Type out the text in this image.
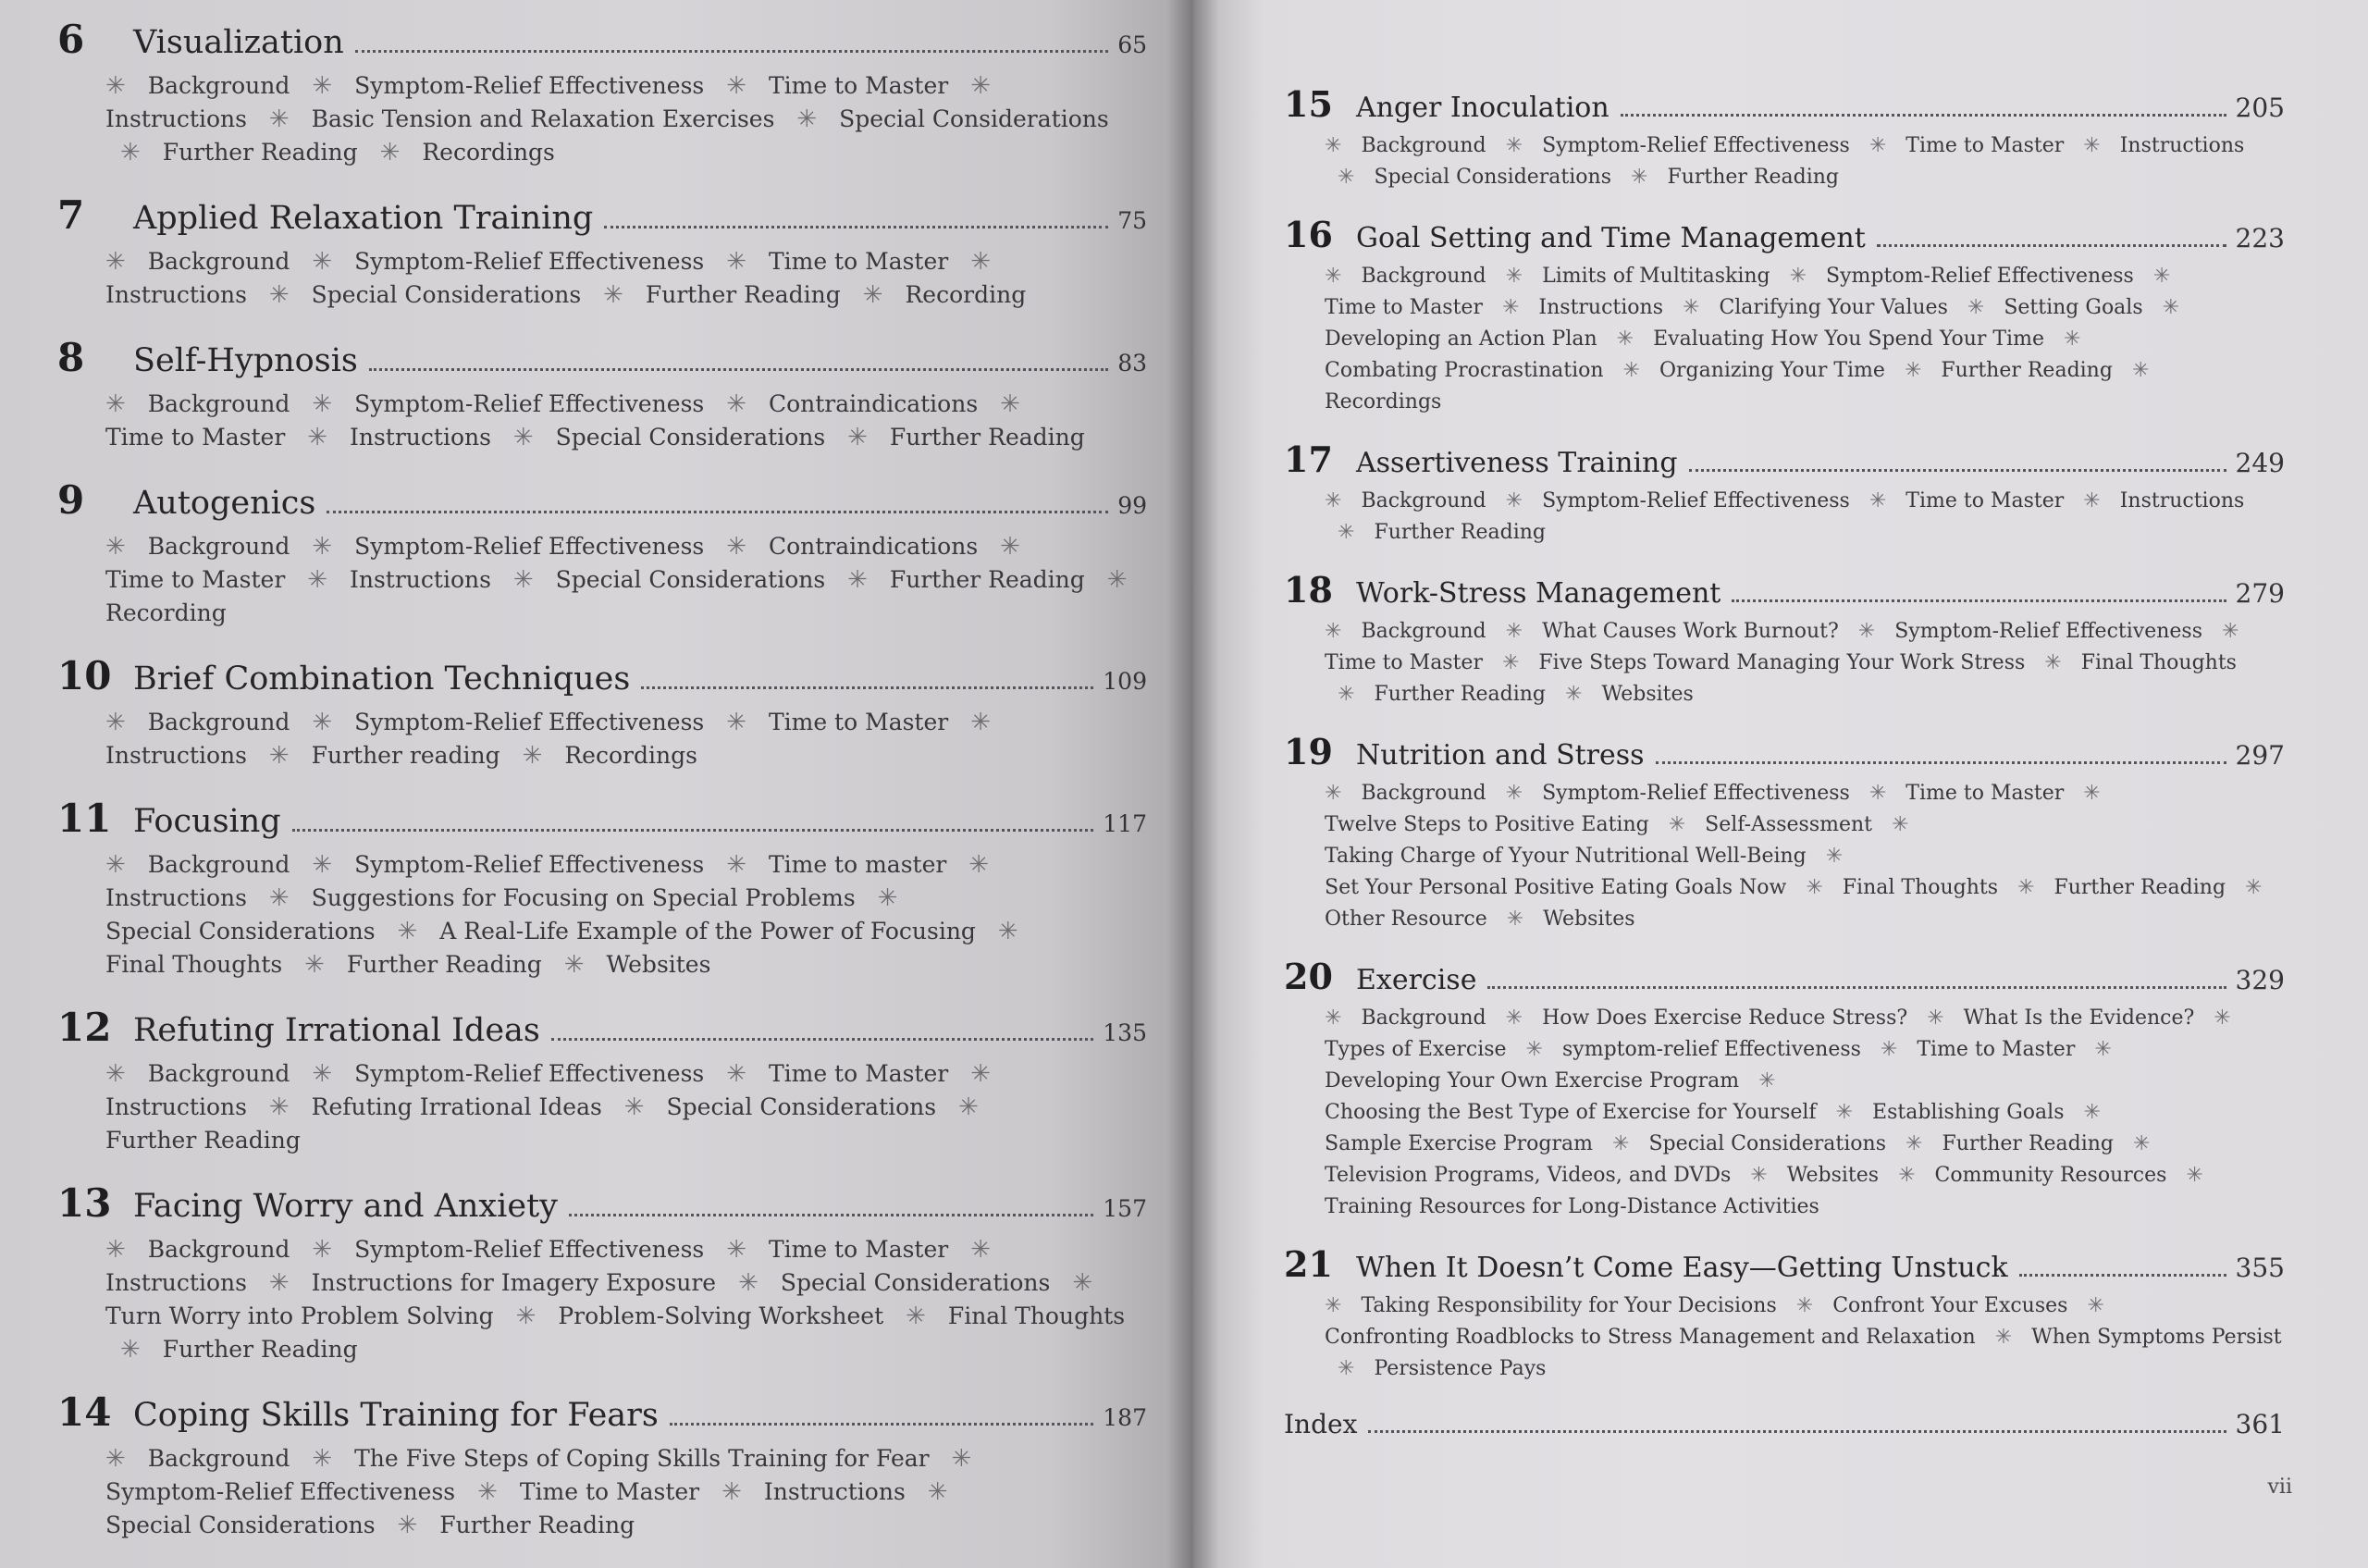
6	Visualization	65
✳ Background ✳ Symptom-Relief Effectiveness ✳ Time to Master ✳ Instructions ✳ Basic Tension and Relaxation Exercises ✳ Special Considerations ✳ Further Reading ✳ Recordings
7	Applied Relaxation Training	75
✳ Background ✳ Symptom-Relief Effectiveness ✳ Time to Master ✳ Instructions ✳ Special Considerations ✳ Further Reading ✳ Recording
8	Self-Hypnosis	83
✳ Background ✳ Symptom-Relief Effectiveness ✳ Contraindications ✳ Time to Master ✳ Instructions ✳ Special Considerations ✳ Further Reading
9	Autogenics	99
✳ Background ✳ Symptom-Relief Effectiveness ✳ Contraindications ✳ Time to Master ✳ Instructions ✳ Special Considerations ✳ Further Reading ✳ Recording
10 Brief Combination Techniques	109
✳ Background ✳ Symptom-Relief Effectiveness ✳ Time to Master ✳ Instructions ✳ Further reading ✳ Recordings
11 Focusing	117
✳ Background ✳ Symptom-Relief Effectiveness ✳ Time to master ✳ Instructions ✳ Suggestions for Focusing on Special Problems ✳ Special Considerations ✳ A Real-Life Example of the Power of Focusing ✳ Final Thoughts ✳ Further Reading ✳ Websites
12 Refuting Irrational Ideas	135
✳ Background ✳ Symptom-Relief Effectiveness ✳ Time to Master ✳ Instructions ✳ Refuting Irrational Ideas ✳ Special Considerations ✳ Further Reading
13 Facing Worry and Anxiety	157
✳ Background ✳ Symptom-Relief Effectiveness ✳ Time to Master ✳ Instructions ✳ Instructions for Imagery Exposure ✳ Special Considerations ✳ Turn Worry into Problem Solving ✳ Problem-Solving Worksheet ✳ Final Thoughts ✳ Further Reading
14 Coping Skills Training for Fears	187
✳ Background ✳ The Five Steps of Coping Skills Training for Fear ✳ Symptom-Relief Effectiveness ✳ Time to Master ✳ Instructions ✳ Special Considerations ✳ Further Reading
15 Anger Inoculation	205
✳ Background ✳ Symptom-Relief Effectiveness ✳ Time to Master ✳ Instructions ✳ Special Considerations ✳ Further Reading
16 Goal Setting and Time Management	223
✳ Background ✳ Limits of Multitasking ✳ Symptom-Relief Effectiveness ✳ Time to Master ✳ Instructions ✳ Clarifying Your Values ✳ Setting Goals ✳ Developing an Action Plan ✳ Evaluating How You Spend Your Time ✳ Combating Procrastination ✳ Organizing Your Time ✳ Further Reading ✳ Recordings
17 Assertiveness Training	249
✳ Background ✳ Symptom-Relief Effectiveness ✳ Time to Master ✳ Instructions ✳ Further Reading
18 Work-Stress Management	279
✳ Background ✳ What Causes Work Burnout? ✳ Symptom-Relief Effectiveness ✳ Time to Master ✳ Five Steps Toward Managing Your Work Stress ✳ Final Thoughts ✳ Further Reading ✳ Websites
19 Nutrition and Stress	297
✳ Background ✳ Symptom-Relief Effectiveness ✳ Time to Master ✳ Twelve Steps to Positive Eating ✳ Self-Assessment ✳ Taking Charge of Yyour Nutritional Well-Being ✳ Set Your Personal Positive Eating Goals Now ✳ Final Thoughts ✳ Further Reading ✳ Other Resource ✳ Websites
20 Exercise	329
✳ Background ✳ How Does Exercise Reduce Stress? ✳ What Is the Evidence? ✳ Types of Exercise ✳ symptom-relief Effectiveness ✳ Time to Master ✳ Developing Your Own Exercise Program ✳ Choosing the Best Type of Exercise for Yourself ✳ Establishing Goals ✳ Sample Exercise Program ✳ Special Considerations ✳ Further Reading ✳ Television Programs, Videos, and DVDs ✳ Websites ✳ Community Resources ✳ Training Resources for Long-Distance Activities
21 When It Doesn’t Come Easy—Getting Unstuck	355
✳ Taking Responsibility for Your Decisions ✳ Confront Your Excuses ✳ Confronting Roadblocks to Stress Management and Relaxation ✳ When Symptoms Persist ✳ Persistence Pays
Index	361
vii
